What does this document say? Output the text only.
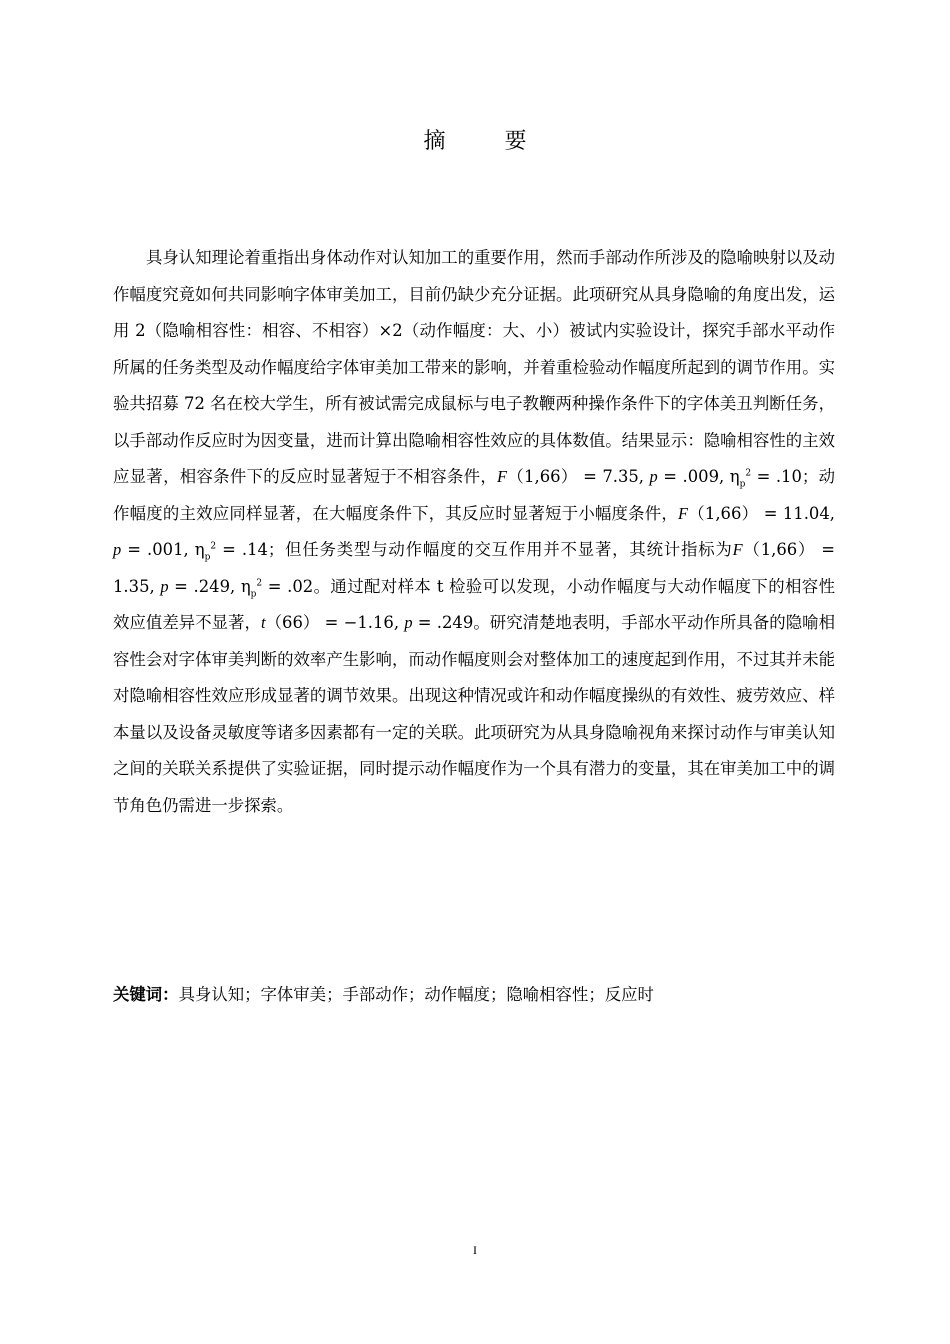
摘 要

具身认知理论着重指出身体动作对认知加工的重要作用，然而手部动作所涉及的隐喻映射以及动作幅度究竟如何共同影响字体审美加工，目前仍缺少充分证据。此项研究从具身隐喻的角度出发，运用 2（隐喻相容性：相容、不相容）×2（动作幅度：大、小）被试内实验设计，探究手部水平动作所属的任务类型及动作幅度给字体审美加工带来的影响，并着重检验动作幅度所起到的调节作用。实验共招募 72 名在校大学生，所有被试需完成鼠标与电子教鞭两种操作条件下的字体美丑判断任务，以手部动作反应时为因变量，进而计算出隐喻相容性效应的具体数值。结果显示：隐喻相容性的主效应显著，相容条件下的反应时显著短于不相容条件，F（1,66） = 7.35, p = .009, $\eta_p^2 = .10$；动作幅度的主效应同样显著，在大幅度条件下，其反应时显著短于小幅度条件，F（1,66） = 11.04, p = .001, $\eta_p^2 = .14$；但任务类型与动作幅度的交互作用并不显著，其统计指标为F（1,66） = 1.35, p = .249, $\eta_p^2 = .02$。通过配对样本 t 检验可以发现，小动作幅度与大动作幅度下的相容性效应值差异不显著，t（66） = −1.16, p = .249。研究清楚地表明，手部水平动作所具备的隐喻相容性会对字体审美判断的效率产生影响，而动作幅度则会对整体加工的速度起到作用，不过其并未能对隐喻相容性效应形成显著的调节效果。出现这种情况或许和动作幅度操纵的有效性、疲劳效应、样本量以及设备灵敏度等诸多因素都有一定的关联。此项研究为从具身隐喻视角来探讨动作与审美认知之间的关联关系提供了实验证据，同时提示动作幅度作为一个具有潜力的变量，其在审美加工中的调节角色仍需进一步探索。

关键词：具身认知；字体审美；手部动作；动作幅度；隐喻相容性；反应时

I
